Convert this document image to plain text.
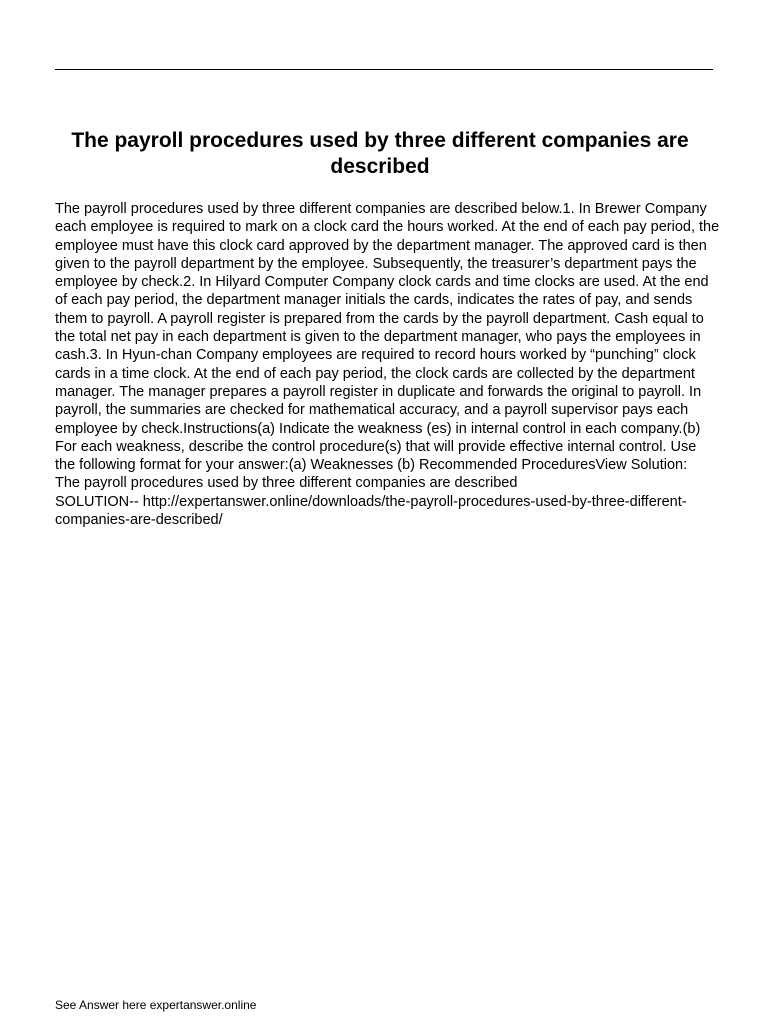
The payroll procedures used by three different companies are described

The payroll procedures used by three different companies are described below.1. In Brewer Company each employee is required to mark on a clock card the hours worked. At the end of each pay period, the employee must have this clock card approved by the department manager. The approved card is then given to the payroll department by the employee. Subsequently, the treasurer’s department pays the employee by check.2. In Hilyard Computer Company clock cards and time clocks are used. At the end of each pay period, the department manager initials the cards, indicates the rates of pay, and sends them to payroll. A payroll register is prepared from the cards by the payroll department. Cash equal to the total net pay in each department is given to the department manager, who pays the employees in cash.3. In Hyun-chan Company employees are required to record hours worked by “punching” clock cards in a time clock. At the end of each pay period, the clock cards are collected by the department manager. The manager prepares a payroll register in duplicate and forwards the original to payroll. In payroll, the summaries are checked for mathematical accuracy, and a payroll supervisor pays each employee by check.Instructions(a) Indicate the weakness (es) in internal control in each company.(b) For each weakness, describe the control procedure(s) that will provide effective internal control. Use the following format for your answer:(a) Weaknesses (b) Recommended ProceduresView Solution:

The payroll procedures used by three different companies are described

SOLUTION-- http://expertanswer.online/downloads/the-payroll-procedures-used-by-three-different-companies-are-described/

See Answer here expertanswer.online
